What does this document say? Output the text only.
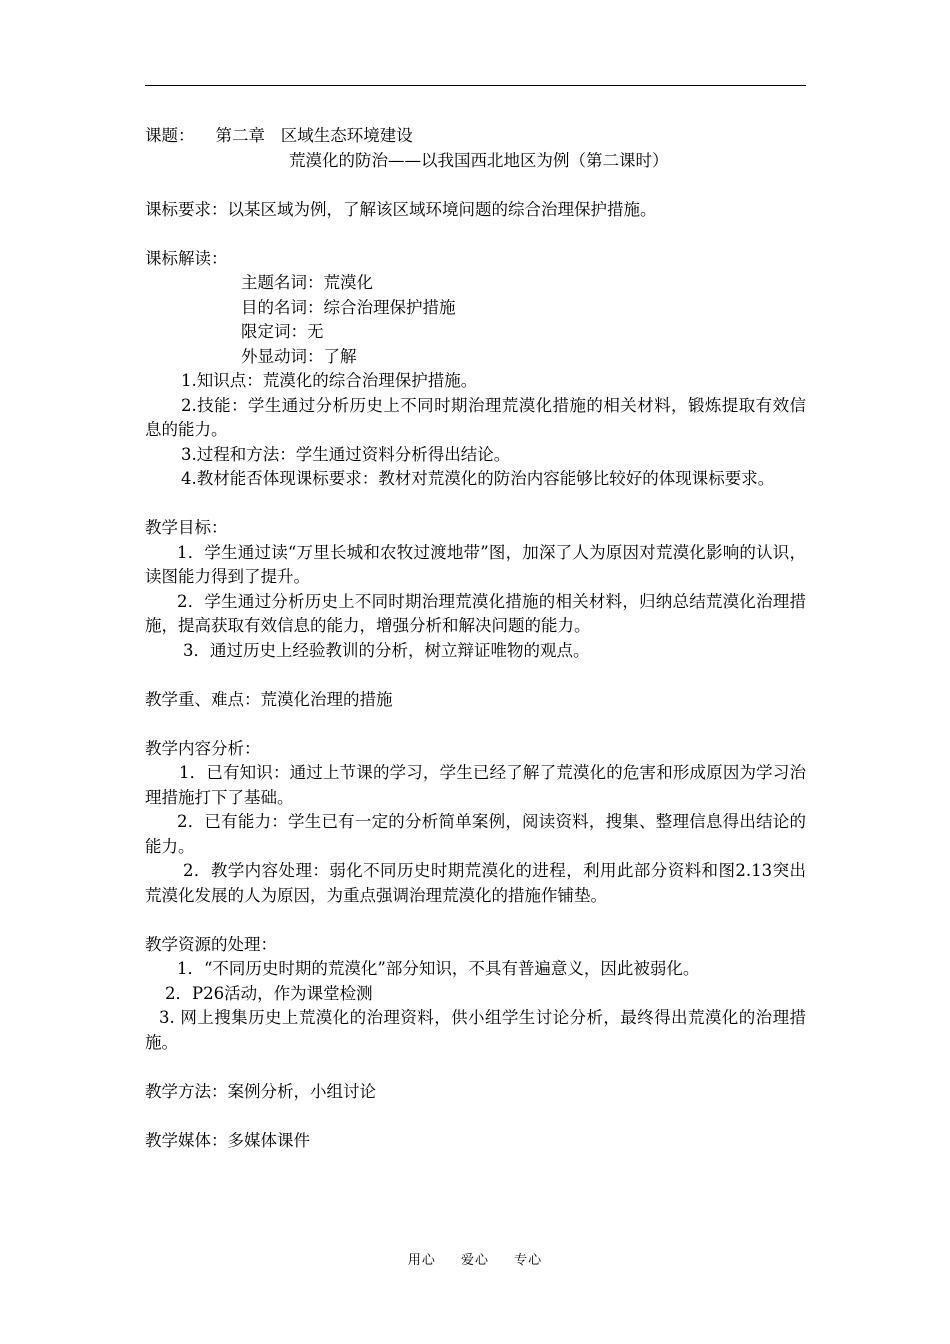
课题：    第二章   区域生态环境建设
荒漠化的防治——以我国西北地区为例（第二课时）
课标要求：以某区域为例，了解该区域环境问题的综合治理保护措施。
课标解读：
主题名词：荒漠化
目的名词：综合治理保护措施
限定词：无
外显动词：了解
1.知识点：荒漠化的综合治理保护措施。
2.技能：学生通过分析历史上不同时期治理荒漠化措施的相关材料，锻炼提取有效信息的能力。
3.过程和方法：学生通过资料分析得出结论。
4.教材能否体现课标要求：教材对荒漠化的防治内容能够比较好的体现课标要求。
教学目标：
1．学生通过读“万里长城和农牧过渡地带”图，加深了人为原因对荒漠化影响的认识，读图能力得到了提升。
2．学生通过分析历史上不同时期治理荒漠化措施的相关材料，归纳总结荒漠化治理措施，提高获取有效信息的能力，增强分析和解决问题的能力。
3．通过历史上经验教训的分析，树立辩证唯物的观点。
教学重、难点：荒漠化治理的措施
教学内容分析：
1．已有知识：通过上节课的学习，学生已经了解了荒漠化的危害和形成原因为学习治理措施打下了基础。
2．已有能力：学生已有一定的分析简单案例，阅读资料，搜集、整理信息得出结论的能力。
2．教学内容处理：弱化不同历史时期荒漠化的进程，利用此部分资料和图2.13突出荒漠化发展的人为原因，为重点强调治理荒漠化的措施作铺垫。
教学资源的处理：
1．“不同历史时期的荒漠化”部分知识，不具有普遍意义，因此被弱化。
2．P26活动，作为课堂检测
3. 网上搜集历史上荒漠化的治理资料，供小组学生讨论分析，最终得出荒漠化的治理措施。
教学方法：案例分析，小组讨论
教学媒体：多媒体课件
用心 爱心 专心
